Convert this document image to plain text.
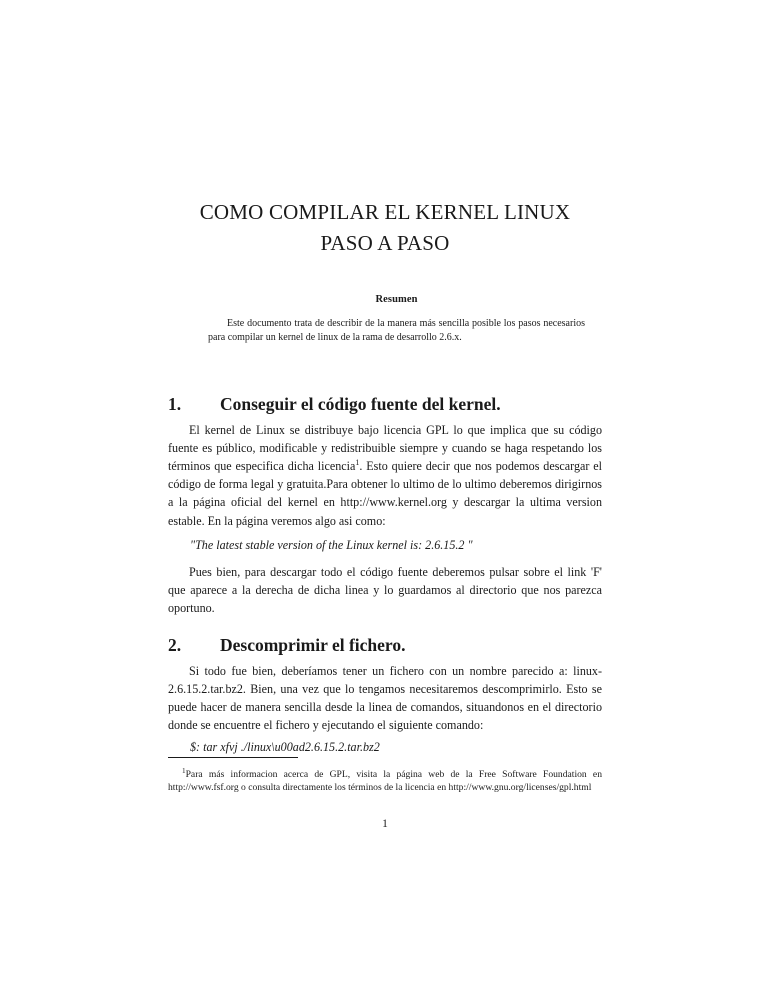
COMO COMPILAR EL KERNEL LINUX
PASO A PASO
Resumen

Este documento trata de describir de la manera más sencilla posible los pasos necesarios para compilar un kernel de linux de la rama de desarrollo 2.6.x.

1. Conseguir el código fuente del kernel.

El kernel de Linux se distribuye bajo licencia GPL lo que implica que su código fuente es público, modificable y redistribuible siempre y cuando se haga respetando los términos que especifica dicha licencia$^1$. Esto quiere decir que nos podemos descargar el código de forma legal y gratuita.Para obtener lo ultimo de lo ultimo deberemos dirigirnos a la página oficial del kernel en http://www.kernel.org y descargar la ultima version estable. En la página veremos algo asi como:

"The latest stable version of the Linux kernel is: 2.6.15.2 "

Pues bien, para descargar todo el código fuente deberemos pulsar sobre el link 'F' que aparece a la derecha de dicha linea y lo guardamos al directorio que nos parezca oportuno.

2. Descomprimir el fichero.

Si todo fue bien, deberíamos tener un fichero con un nombre parecido a: linux-2.6.15.2.tar.bz2. Bien, una vez que lo tengamos necesitaremos descomprimirlo. Esto se puede hacer de manera sencilla desde la linea de comandos, situandonos en el directorio donde se encuentre el fichero y ejecutando el siguiente comando:

$: tar xfvj ./linux\u00ad2.6.15.2.tar.bz2

$^1$Para más informacion acerca de GPL, visita la página web de la Free Software Foundation en http://www.fsf.org o consulta directamente los términos de la licencia en http://www.gnu.org/licenses/gpl.html

1
